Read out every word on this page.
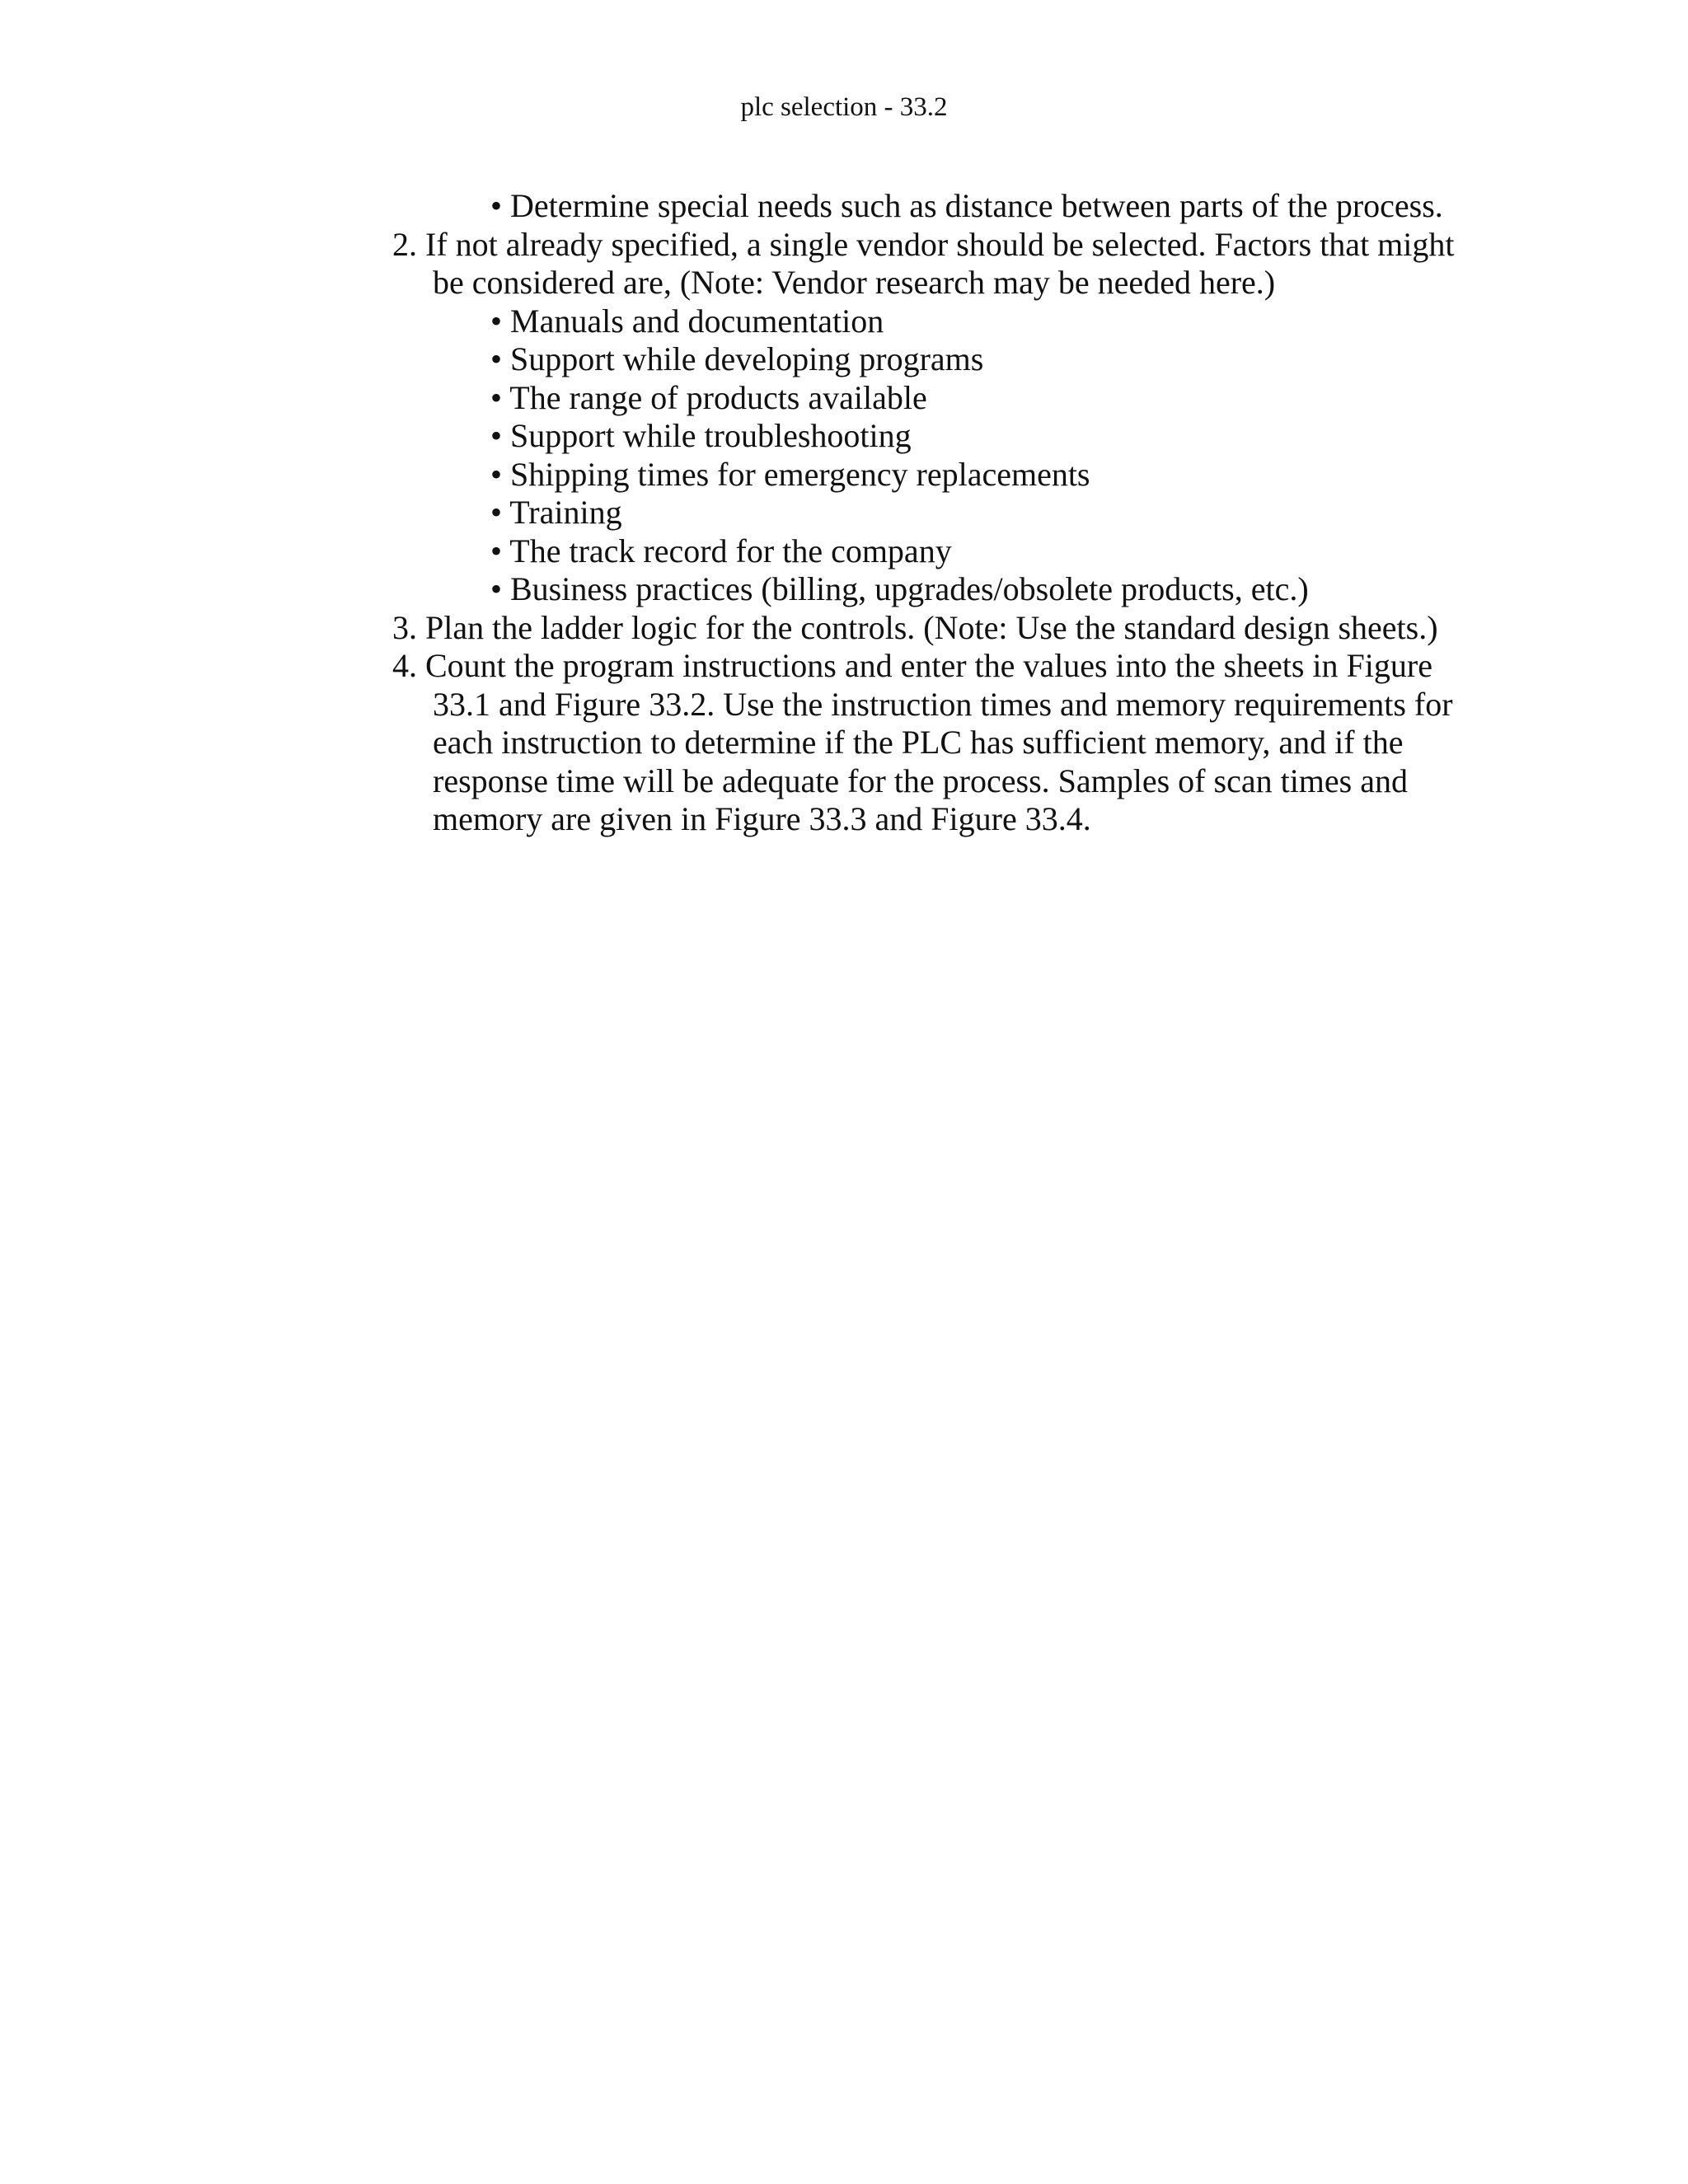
plc selection - 33.2
• Determine special needs such as distance between parts of the process.
2. If not already specified, a single vendor should be selected. Factors that might
be considered are, (Note: Vendor research may be needed here.)
• Manuals and documentation
• Support while developing programs
• The range of products available
• Support while troubleshooting
• Shipping times for emergency replacements
• Training
• The track record for the company
• Business practices (billing, upgrades/obsolete products, etc.)
3. Plan the ladder logic for the controls. (Note: Use the standard design sheets.)
4. Count the program instructions and enter the values into the sheets in Figure
33.1 and Figure 33.2. Use the instruction times and memory requirements for
each instruction to determine if the PLC has sufficient memory, and if the
response time will be adequate for the process. Samples of scan times and
memory are given in Figure 33.3 and Figure 33.4.
